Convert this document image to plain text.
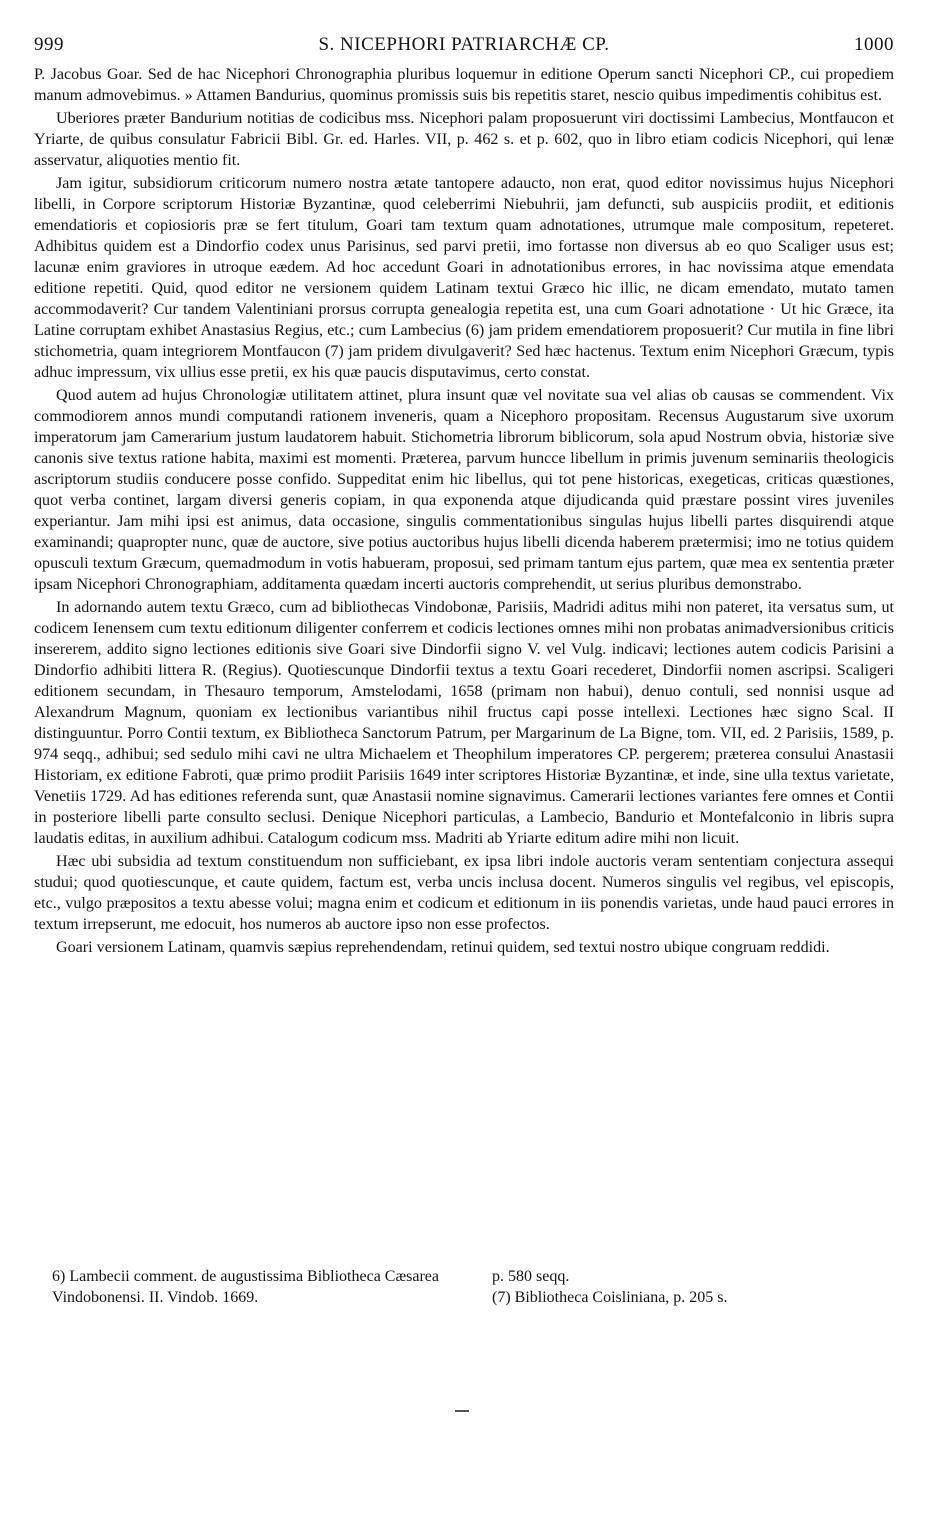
999	S. NICEPHORI PATRIARCHÆ CP.	1000

P. Jacobus Goar. Sed de hac Nicephori Chronographia pluribus loquemur in editione Operum sancti Nicephori CP., cui propediem manum admovebimus. » Attamen Bandurius, quominus promissis suis bis repetitis staret, nescio quibus impedimentis cohibitus est.

Uberiores præter Bandurium notitias de codicibus mss. Nicephori palam proposuerunt viri doctissimi Lambecius, Montfaucon et Yriarte, de quibus consulatur Fabricii Bibl. Gr. ed. Harles. VII, p. 462 s. et p. 602, quo in libro etiam codicis Nicephori, qui lenæ asservatur, aliquoties mentio fit.

Jam igitur, subsidiorum criticorum numero nostra ætate tantopere adaucto, non erat, quod editor novissimus hujus Nicephori libelli, in Corpore scriptorum Historiæ Byzantinæ, quod celeberrimi Niebuhrii, jam defuncti, sub auspiciis prodiit, et editionis emendatioris et copiosioris præ se fert titulum, Goari tam textum quam adnotationes, utrumque male compositum, repeteret. Adhibitus quidem est a Dindorfio codex unus Parisinus, sed parvi pretii, imo fortasse non diversus ab eo quo Scaliger usus est; lacunæ enim graviores in utroque eædem. Ad hoc accedunt Goari in adnotationibus errores, in hac novissima atque emendata editione repetiti. Quid, quod editor ne versionem quidem Latinam textui Græco hic illic, ne dicam emendato, mutato tamen accommodaverit? Cur tandem Valentiniani prorsus corrupta genealogia repetita est, una cum Goari adnotatione · Ut hic Græce, ita Latine corruptam exhibet Anastasius Regius, etc.; cum Lambecius (6) jam pridem emendatiorem proposuerit? Cur mutila in fine libri stichometria, quam integriorem Montfaucon (7) jam pridem divulgaverit? Sed hæc hactenus. Textum enim Nicephori Græcum, typis adhuc impressum, vix ullius esse pretii, ex his quæ paucis disputavimus, certo constat.

Quod autem ad hujus Chronologiæ utilitatem attinet, plura insunt quæ vel novitate sua vel alias ob causas se commendent. Vix commodiorem annos mundi computandi rationem inveneris, quam a Nicephoro propositam. Recensus Augustarum sive uxorum imperatorum jam Camerarium justum laudatorem habuit. Stichometria librorum biblicorum, sola apud Nostrum obvia, historiæ sive canonis sive textus ratione habita, maximi est momenti. Præterea, parvum huncce libellum in primis juvenum seminariis theologicis ascriptorum studiis conducere posse confido. Suppeditat enim hic libellus, qui tot pene historicas, exegeticas, criticas quæstiones, quot verba continet, largam diversi generis copiam, in qua exponenda atque dijudicanda quid præstare possint vires juveniles experiantur. Jam mihi ipsi est animus, data occasione, singulis commentationibus singulas hujus libelli partes disquirendi atque examinandi; quapropter nunc, quæ de auctore, sive potius auctoribus hujus libelli dicenda haberem prætermisi; imo ne totius quidem opusculi textum Græcum, quemadmodum in votis habueram, proposui, sed primam tantum ejus partem, quæ mea ex sententia præter ipsam Nicephori Chronographiam, additamenta quædam incerti auctoris comprehendit, ut serius pluribus demonstrabo.

In adornando autem textu Græco, cum ad bibliothecas Vindobonæ, Parisiis, Madridi aditus mihi non pateret, ita versatus sum, ut codicem Ienensem cum textu editionum diligenter conferrem et codicis lectiones omnes mihi non probatas animadversionibus criticis insererem, addito signo lectiones editionis sive Goari sive Dindorfii signo V. vel Vulg. indicavi; lectiones autem codicis Parisini a Dindorfio adhibiti littera R. (Regius). Quotiescunque Dindorfii textus a textu Goari recederet, Dindorfii nomen ascripsi. Scaligeri editionem secundam, in Thesauro temporum, Amstelodami, 1658 (primam non habui), denuo contuli, sed nonnisi usque ad Alexandrum Magnum, quoniam ex lectionibus variantibus nihil fructus capi posse intellexi. Lectiones hæc signo Scal. II distinguuntur. Porro Contii textum, ex Bibliotheca Sanctorum Patrum, per Margarinum de La Bigne, tom. VII, ed. 2 Parisiis, 1589, p. 974 seqq., adhibui; sed sedulo mihi cavi ne ultra Michaelem et Theophilum imperatores CP. pergerem; præterea consului Anastasii Historiam, ex editione Fabroti, quæ primo prodiit Parisiis 1649 inter scriptores Historiæ Byzantinæ, et inde, sine ulla textus varietate, Venetiis 1729. Ad has editiones referenda sunt, quæ Anastasii nomine signavimus. Camerarii lectiones variantes fere omnes et Contii in posteriore libelli parte consulto seclusi. Denique Nicephori particulas, a Lambecio, Bandurio et Montefalconio in libris supra laudatis editas, in auxilium adhibui. Catalogum codicum mss. Madriti ab Yriarte editum adire mihi non licuit.

Hæc ubi subsidia ad textum constituendum non sufficiebant, ex ipsa libri indole auctoris veram sententiam conjectura assequi studui; quod quotiescunque, et caute quidem, factum est, verba uncis inclusa docent. Numeros singulis vel regibus, vel episcopis, etc., vulgo præpositos a textu abesse volui; magna enim et codicum et editionum in iis ponendis varietas, unde haud pauci errores in textum irrepserunt, me edocuit, hos numeros ab auctore ipso non esse profectos.

Goari versionem Latinam, quamvis sæpius reprehendendam, retinui quidem, sed textui nostro ubique congruam reddidi.

6) Lambecii comment. de augustissima Bibliotheca Cæsarea Vindobonensi. II. Vindob. 1669.
p. 580 seqq.
(7) Bibliotheca Coisliniana, p. 205 s.
